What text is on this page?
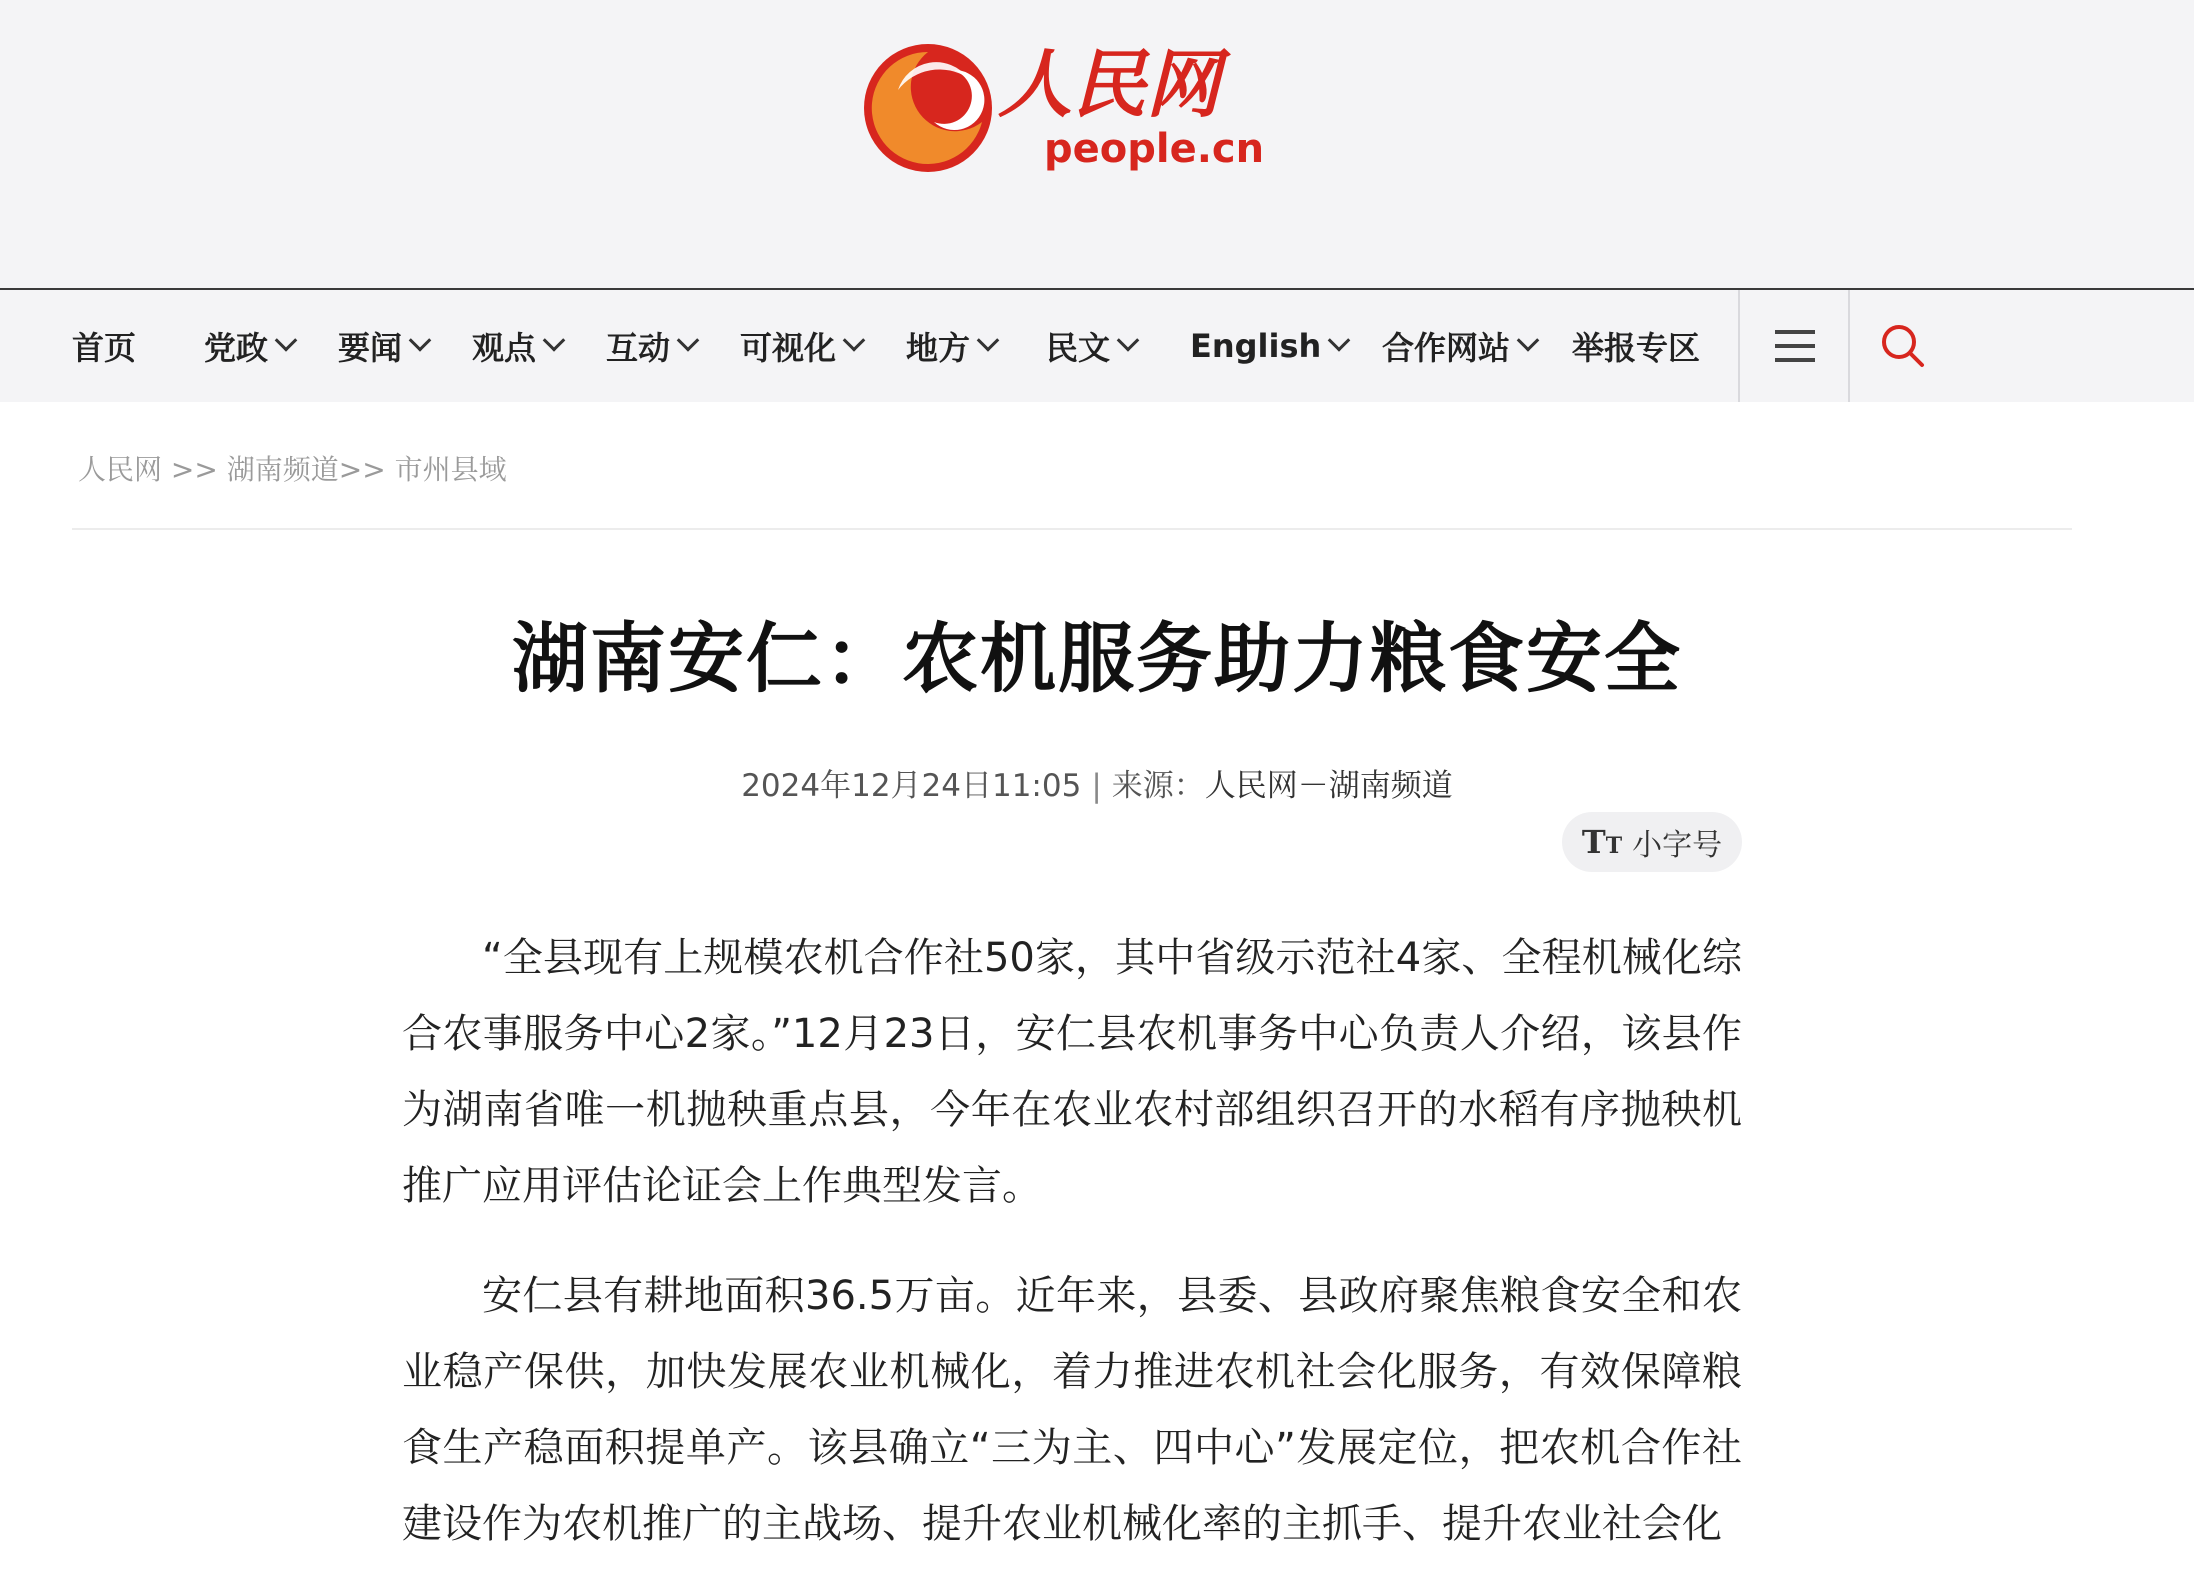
人民网
people.cn
首页 党政 要闻 观点 互动 可视化 地方 民文 English 合作网站 举报专区
人民网 >> 湖南频道>> 市州县域
湖南安仁：农机服务助力粮食安全
2024年12月24日11:05 | 来源：人民网－湖南频道
TT 小字号

“全县现有上规模农机合作社50家，其中省级示范社4家、全程机械化综合农事服务中心2家。”12月23日，安仁县农机事务中心负责人介绍，该县作为湖南省唯一机抛秧重点县，今年在农业农村部组织召开的水稻有序抛秧机推广应用评估论证会上作典型发言。

安仁县有耕地面积36.5万亩。近年来，县委、县政府聚焦粮食安全和农业稳产保供，加快发展农业机械化，着力推进农机社会化服务，有效保障粮食生产稳面积提单产。该县确立“三为主、四中心”发展定位，把农机合作社建设作为农机推广的主战场、提升农业机械化率的主抓手、提升农业社会化
